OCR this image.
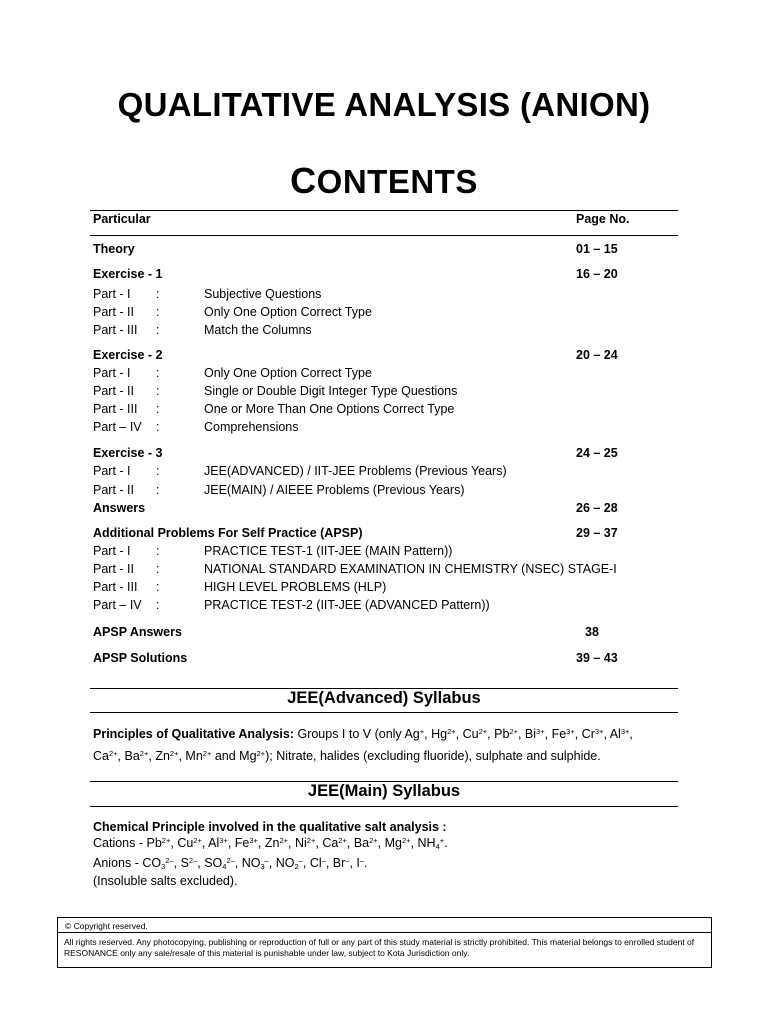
QUALITATIVE ANALYSIS (ANION)
CONTENTS
Particular	Page No.
Theory	01 – 15
Exercise - 1	16 – 20
Part - I :	Subjective Questions
Part - II :	Only One Option Correct Type
Part - III :	Match the Columns
Exercise - 2	20 – 24
Part - I :	Only One Option Correct Type
Part - II :	Single or Double Digit Integer Type Questions
Part - III :	One or More Than One Options Correct Type
Part – IV :	Comprehensions
Exercise - 3	24 – 25
Part - I :	JEE(ADVANCED) / IIT-JEE Problems (Previous Years)
Part - II :	JEE(MAIN) / AIEEE Problems (Previous Years)
Answers	26 – 28
Additional Problems For Self Practice (APSP)	29 – 37
Part - I :	PRACTICE TEST-1 (IIT-JEE (MAIN Pattern))
Part - II :	NATIONAL STANDARD EXAMINATION IN CHEMISTRY (NSEC) STAGE-I
Part - III :	HIGH LEVEL PROBLEMS (HLP)
Part – IV :	PRACTICE TEST-2 (IIT-JEE (ADVANCED Pattern))
APSP Answers	38
APSP Solutions	39 – 43
JEE(Advanced) Syllabus
Principles of Qualitative Analysis: Groups I to V (only Ag+, $Hg^{2+}$, $Cu^{2+}$, $Pb^{2+}$, $Bi^{3+}$, $Fe^{3+}$, $Cr^{3+}$, $Al^{3+}$,
$Ca^{2+}$, $Ba^{2+}$, $Zn^{2+}$, $Mn^{2+}$ and $Mg^{2+}$); Nitrate, halides (excluding fluoride), sulphate and sulphide.
JEE(Main) Syllabus
Chemical Principle involved in the qualitative salt analysis :
Cations - $Pb^{2+}$, $Cu^{2+}$, $Al^{3+}$, $Fe^{3+}$, $Zn^{2+}$, $Ni^{2+}$, $Ca^{2+}$, $Ba^{2+}$, $Mg^{2+}$, $NH_4^+$.
Anions - $CO_3^{2-}$, $S^{2-}$, $SO_4^{2-}$, $NO_3^-$, $NO_2^-$, Cl–, Br–, I–.
(Insoluble salts excluded).
© Copyright reserved.
All rights reserved. Any photocopying, publishing or reproduction of full or any part of this study material is strictly prohibited. This material belongs to enrolled student of RESONANCE only any sale/resale of this material is punishable under law, subject to Kota Jurisdiction only.
